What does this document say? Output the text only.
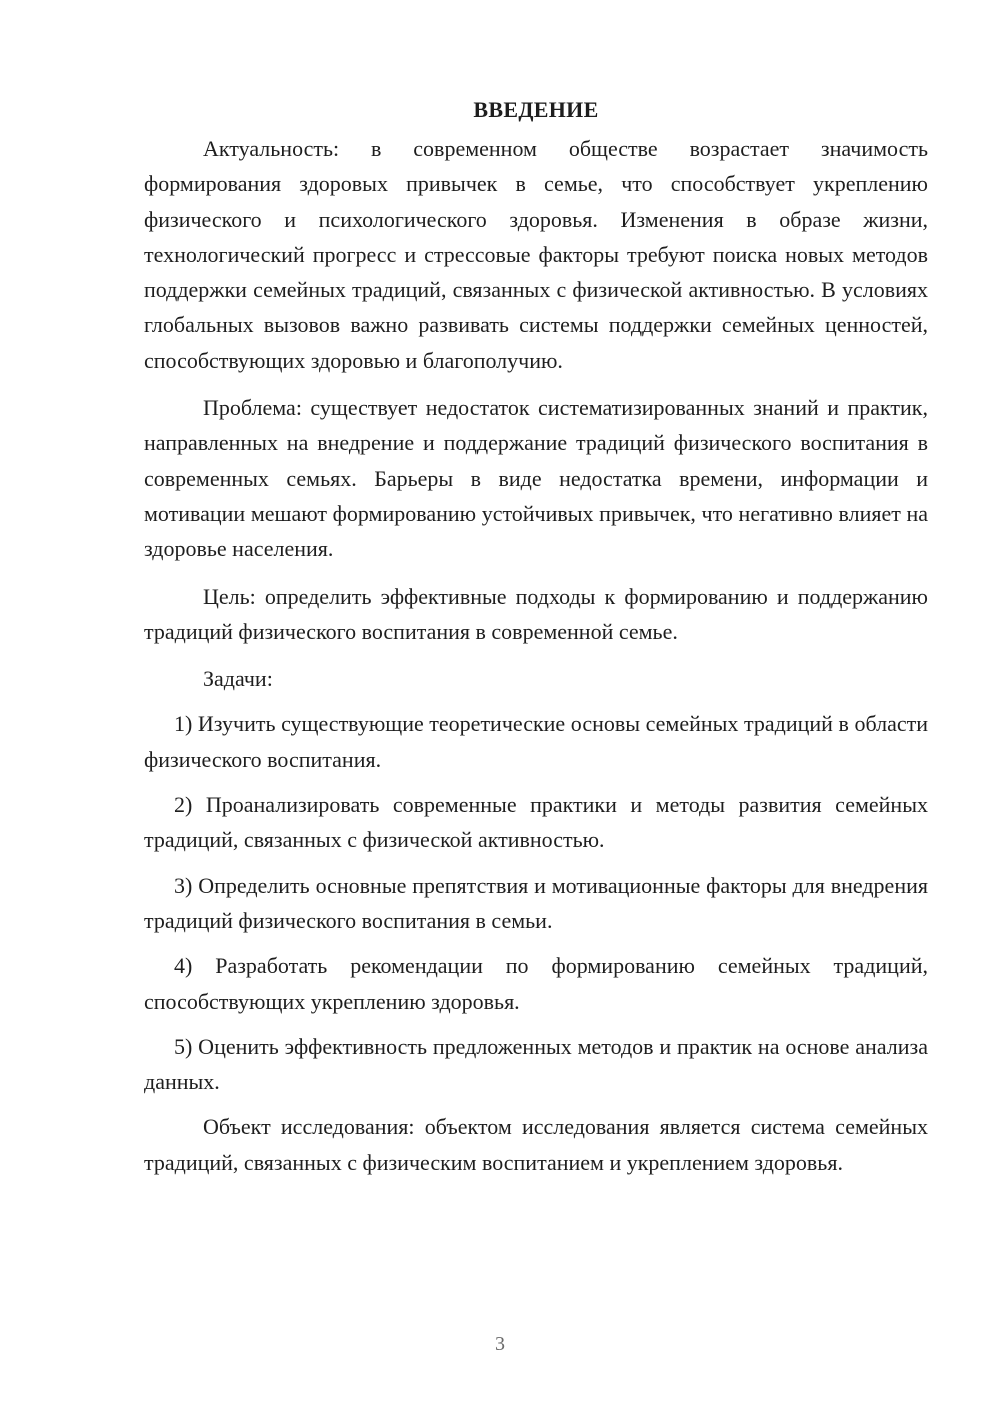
ВВЕДЕНИЕ

Актуальность: в современном обществе возрастает значимость формирования здоровых привычек в семье, что способствует укреплению физического и психологического здоровья. Изменения в образе жизни, технологический прогресс и стрессовые факторы требуют поиска новых методов поддержки семейных традиций, связанных с физической активностью. В условиях глобальных вызовов важно развивать системы поддержки семейных ценностей, способствующих здоровью и благополучию.

Проблема: существует недостаток систематизированных знаний и практик, направленных на внедрение и поддержание традиций физического воспитания в современных семьях. Барьеры в виде недостатка времени, информации и мотивации мешают формированию устойчивых привычек, что негативно влияет на здоровье населения.

Цель: определить эффективные подходы к формированию и поддержанию традиций физического воспитания в современной семье.

Задачи:

1) Изучить существующие теоретические основы семейных традиций в области физического воспитания.

2) Проанализировать современные практики и методы развития семейных традиций, связанных с физической активностью.

3) Определить основные препятствия и мотивационные факторы для внедрения традиций физического воспитания в семьи.

4) Разработать рекомендации по формированию семейных традиций, способствующих укреплению здоровья.

5) Оценить эффективность предложенных методов и практик на основе анализа данных.

Объект исследования: объектом исследования является система семейных традиций, связанных с физическим воспитанием и укреплением здоровья.

3
